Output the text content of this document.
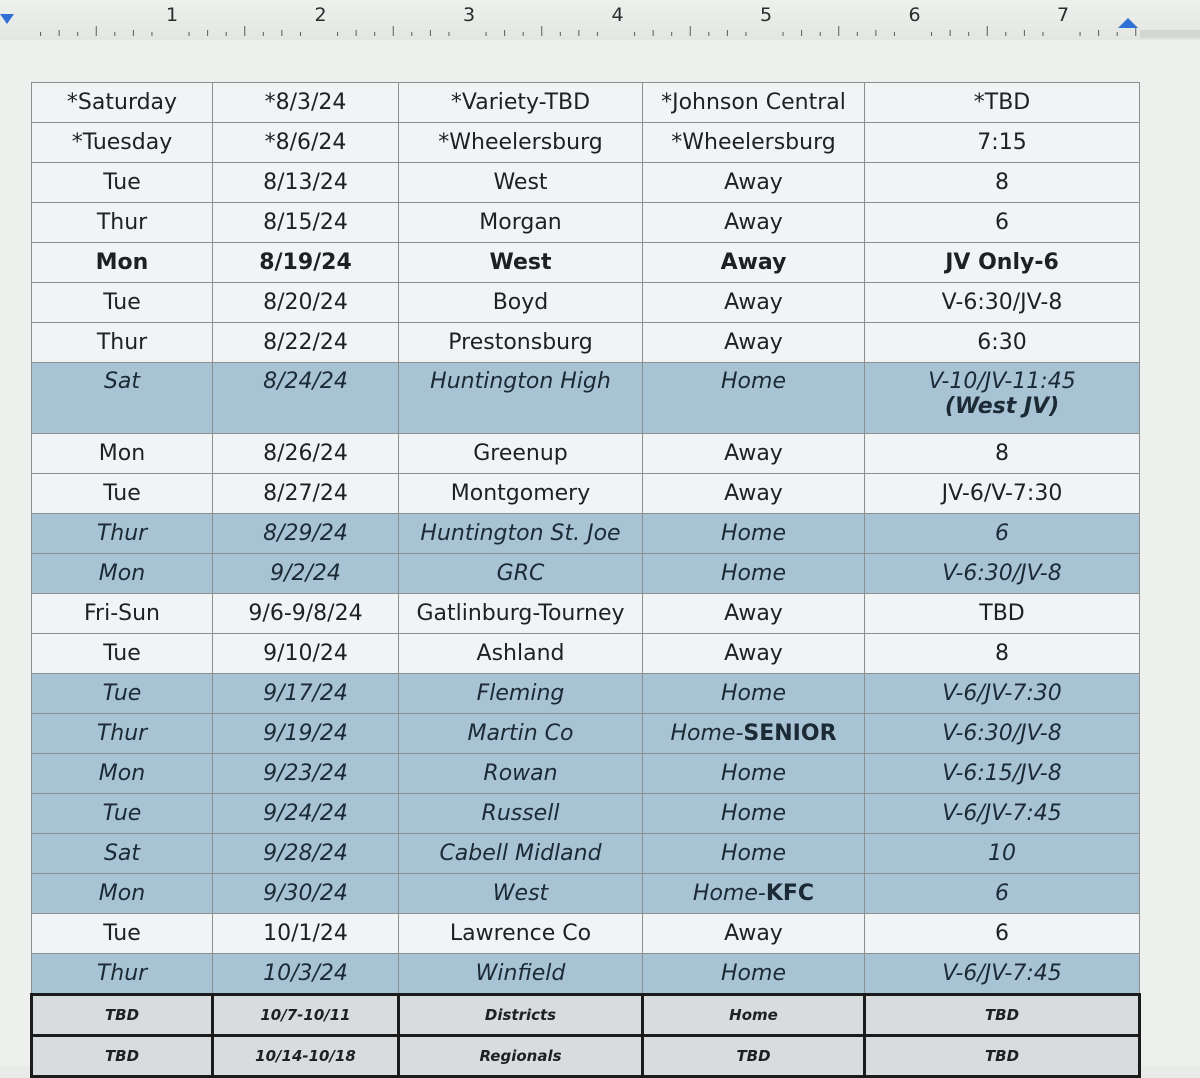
1	2	3	4	5	6	7
*Saturday	*8/3/24	*Variety-TBD	*Johnson Central	*TBD
*Tuesday	*8/6/24	*Wheelersburg	*Wheelersburg	7:15
Tue	8/13/24	West	Away	8
Thur	8/15/24	Morgan	Away	6
Mon	8/19/24	West	Away	JV Only-6
Tue	8/20/24	Boyd	Away	V-6:30/JV-8
Thur	8/22/24	Prestonsburg	Away	6:30
Sat	8/24/24	Huntington High	Home	V-10/JV-11:45
(West JV)

Mon	8/26/24	Greenup	Away	8
Tue	8/27/24	Montgomery	Away	JV-6/V-7:30
Thur	8/29/24	Huntington St. Joe	Home	6
Mon	9/2/24	GRC	Home	V-6:30/JV-8
Fri-Sun	9/6-9/8/24	Gatlinburg-Tourney	Away	TBD
Tue	9/10/24	Ashland	Away	8
Tue	9/17/24	Fleming	Home	V-6/JV-7:30
Thur	9/19/24	Martin Co	Home-SENIOR	V-6:30/JV-8
Mon	9/23/24	Rowan	Home	V-6:15/JV-8
Tue	9/24/24	Russell	Home	V-6/JV-7:45
Sat	9/28/24	Cabell Midland	Home	10
Mon	9/30/24	West	Home-KFC	6
Tue	10/1/24	Lawrence Co	Away	6
Thur	10/3/24	Winfield	Home	V-6/JV-7:45
TBD	10/7-10/11	Districts	Home	TBD
TBD	10/14-10/18	Regionals	TBD	TBD
